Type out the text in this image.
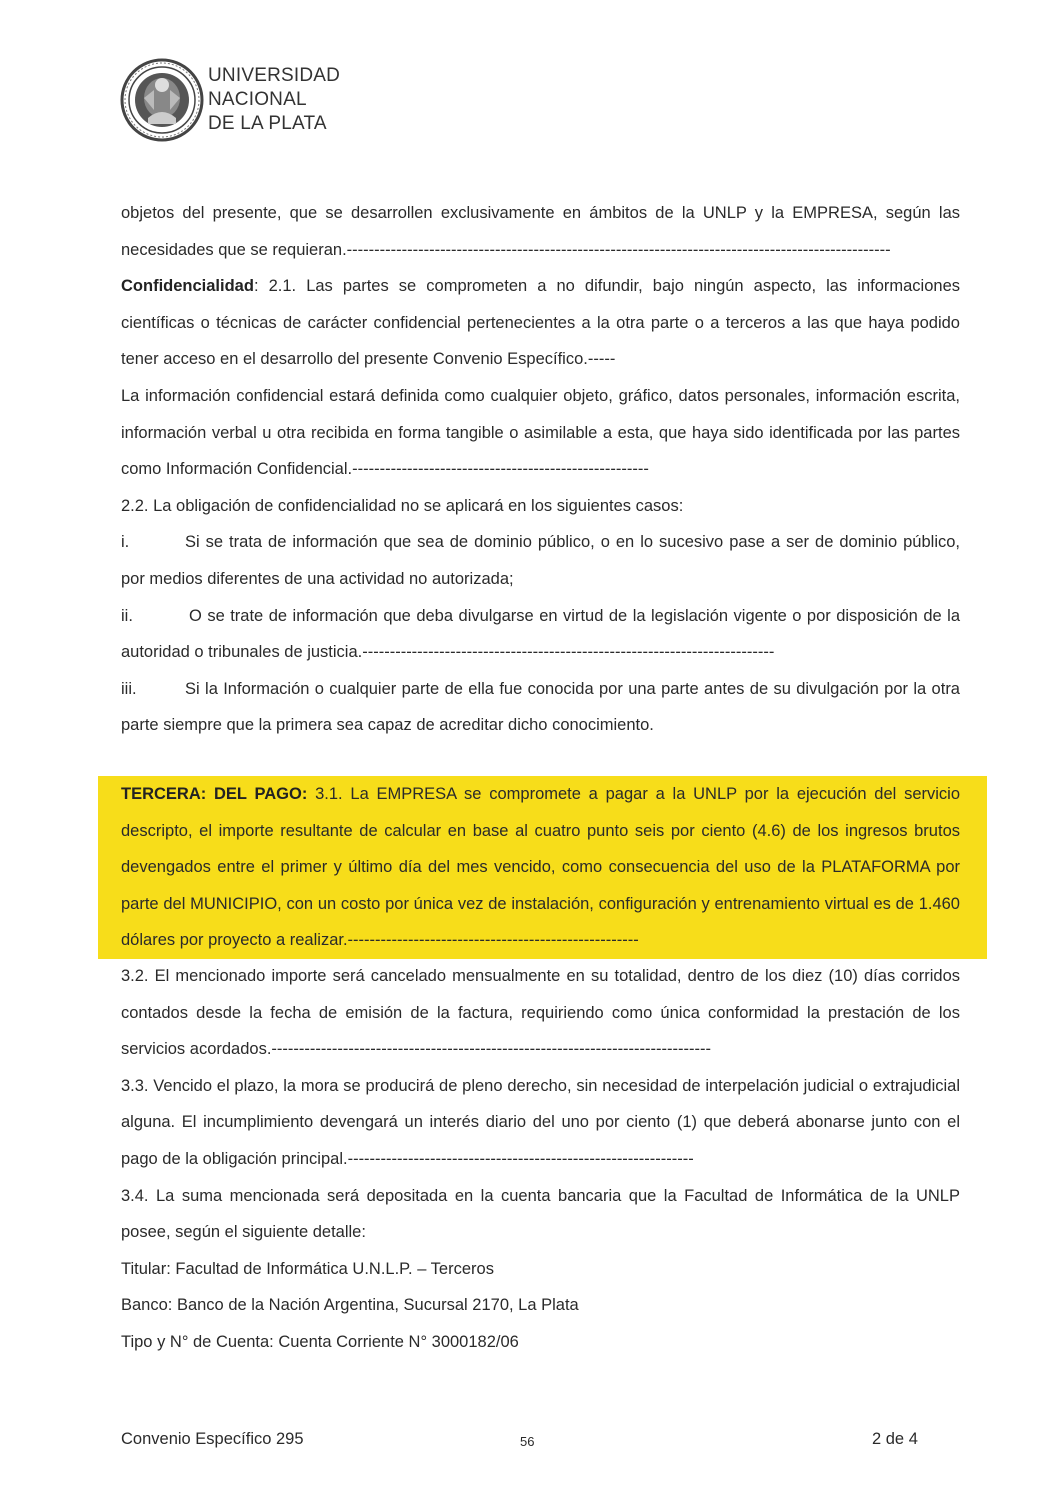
UNIVERSIDAD
NACIONAL
DE LA PLATA

objetos del presente, que se desarrollen exclusivamente en ámbitos de la UNLP y la EMPRESA, según las necesidades que se requieran.---------------------------------------------------------------------------------------------------

Confidencialidad: 2.1. Las partes se comprometen a no difundir, bajo ningún aspecto, las informaciones científicas o técnicas de carácter confidencial pertenecientes a la otra parte o a terceros a las que haya podido tener acceso en el desarrollo del presente Convenio Específico.-----

La información confidencial estará definida como cualquier objeto, gráfico, datos personales, información escrita, información verbal u otra recibida en forma tangible o asimilable a esta, que haya sido identificada por las partes como Información Confidencial.------------------------------------------------------

2.2. La obligación de confidencialidad no se aplicará en los siguientes casos:

i.	Si se trata de información que sea de dominio público, o en lo sucesivo pase a ser de dominio público, por medios diferentes de una actividad no autorizada;

ii.	O se trate de información que deba divulgarse en virtud de la legislación vigente o por disposición de la autoridad o tribunales de justicia.---------------------------------------------------------------------------

iii.	Si la Información o cualquier parte de ella fue conocida por una parte antes de su divulgación por la otra parte siempre que la primera sea capaz de acreditar dicho conocimiento.

TERCERA: DEL PAGO: 3.1. La EMPRESA se compromete a pagar a la UNLP por la ejecución del servicio descripto, el importe resultante de calcular en base al cuatro punto seis por ciento (4.6) de los ingresos brutos devengados entre el primer y último día del mes vencido, como consecuencia del uso de la PLATAFORMA por parte del MUNICIPIO, con un costo por única vez de instalación, configuración y entrenamiento virtual es de 1.460 dólares por proyecto a realizar.-----------------------------------------------------

3.2. El mencionado importe será cancelado mensualmente en su totalidad, dentro de los diez (10) días corridos contados desde la fecha de emisión de la factura, requiriendo como única conformidad la prestación de los servicios acordados.--------------------------------------------------------------------------------

3.3. Vencido el plazo, la mora se producirá de pleno derecho, sin necesidad de interpelación judicial o extrajudicial alguna. El incumplimiento devengará un interés diario del uno por ciento (1) que deberá abonarse junto con el pago de la obligación principal.---------------------------------------------------------------

3.4. La suma mencionada será depositada en la cuenta bancaria que la Facultad de Informática de la UNLP posee, según el siguiente detalle:

Titular: Facultad de Informática U.N.L.P. – Terceros

Banco: Banco de la Nación Argentina, Sucursal 2170, La Plata

Tipo y N° de Cuenta: Cuenta Corriente N° 3000182/06

Convenio Específico 295	56	2 de 4
